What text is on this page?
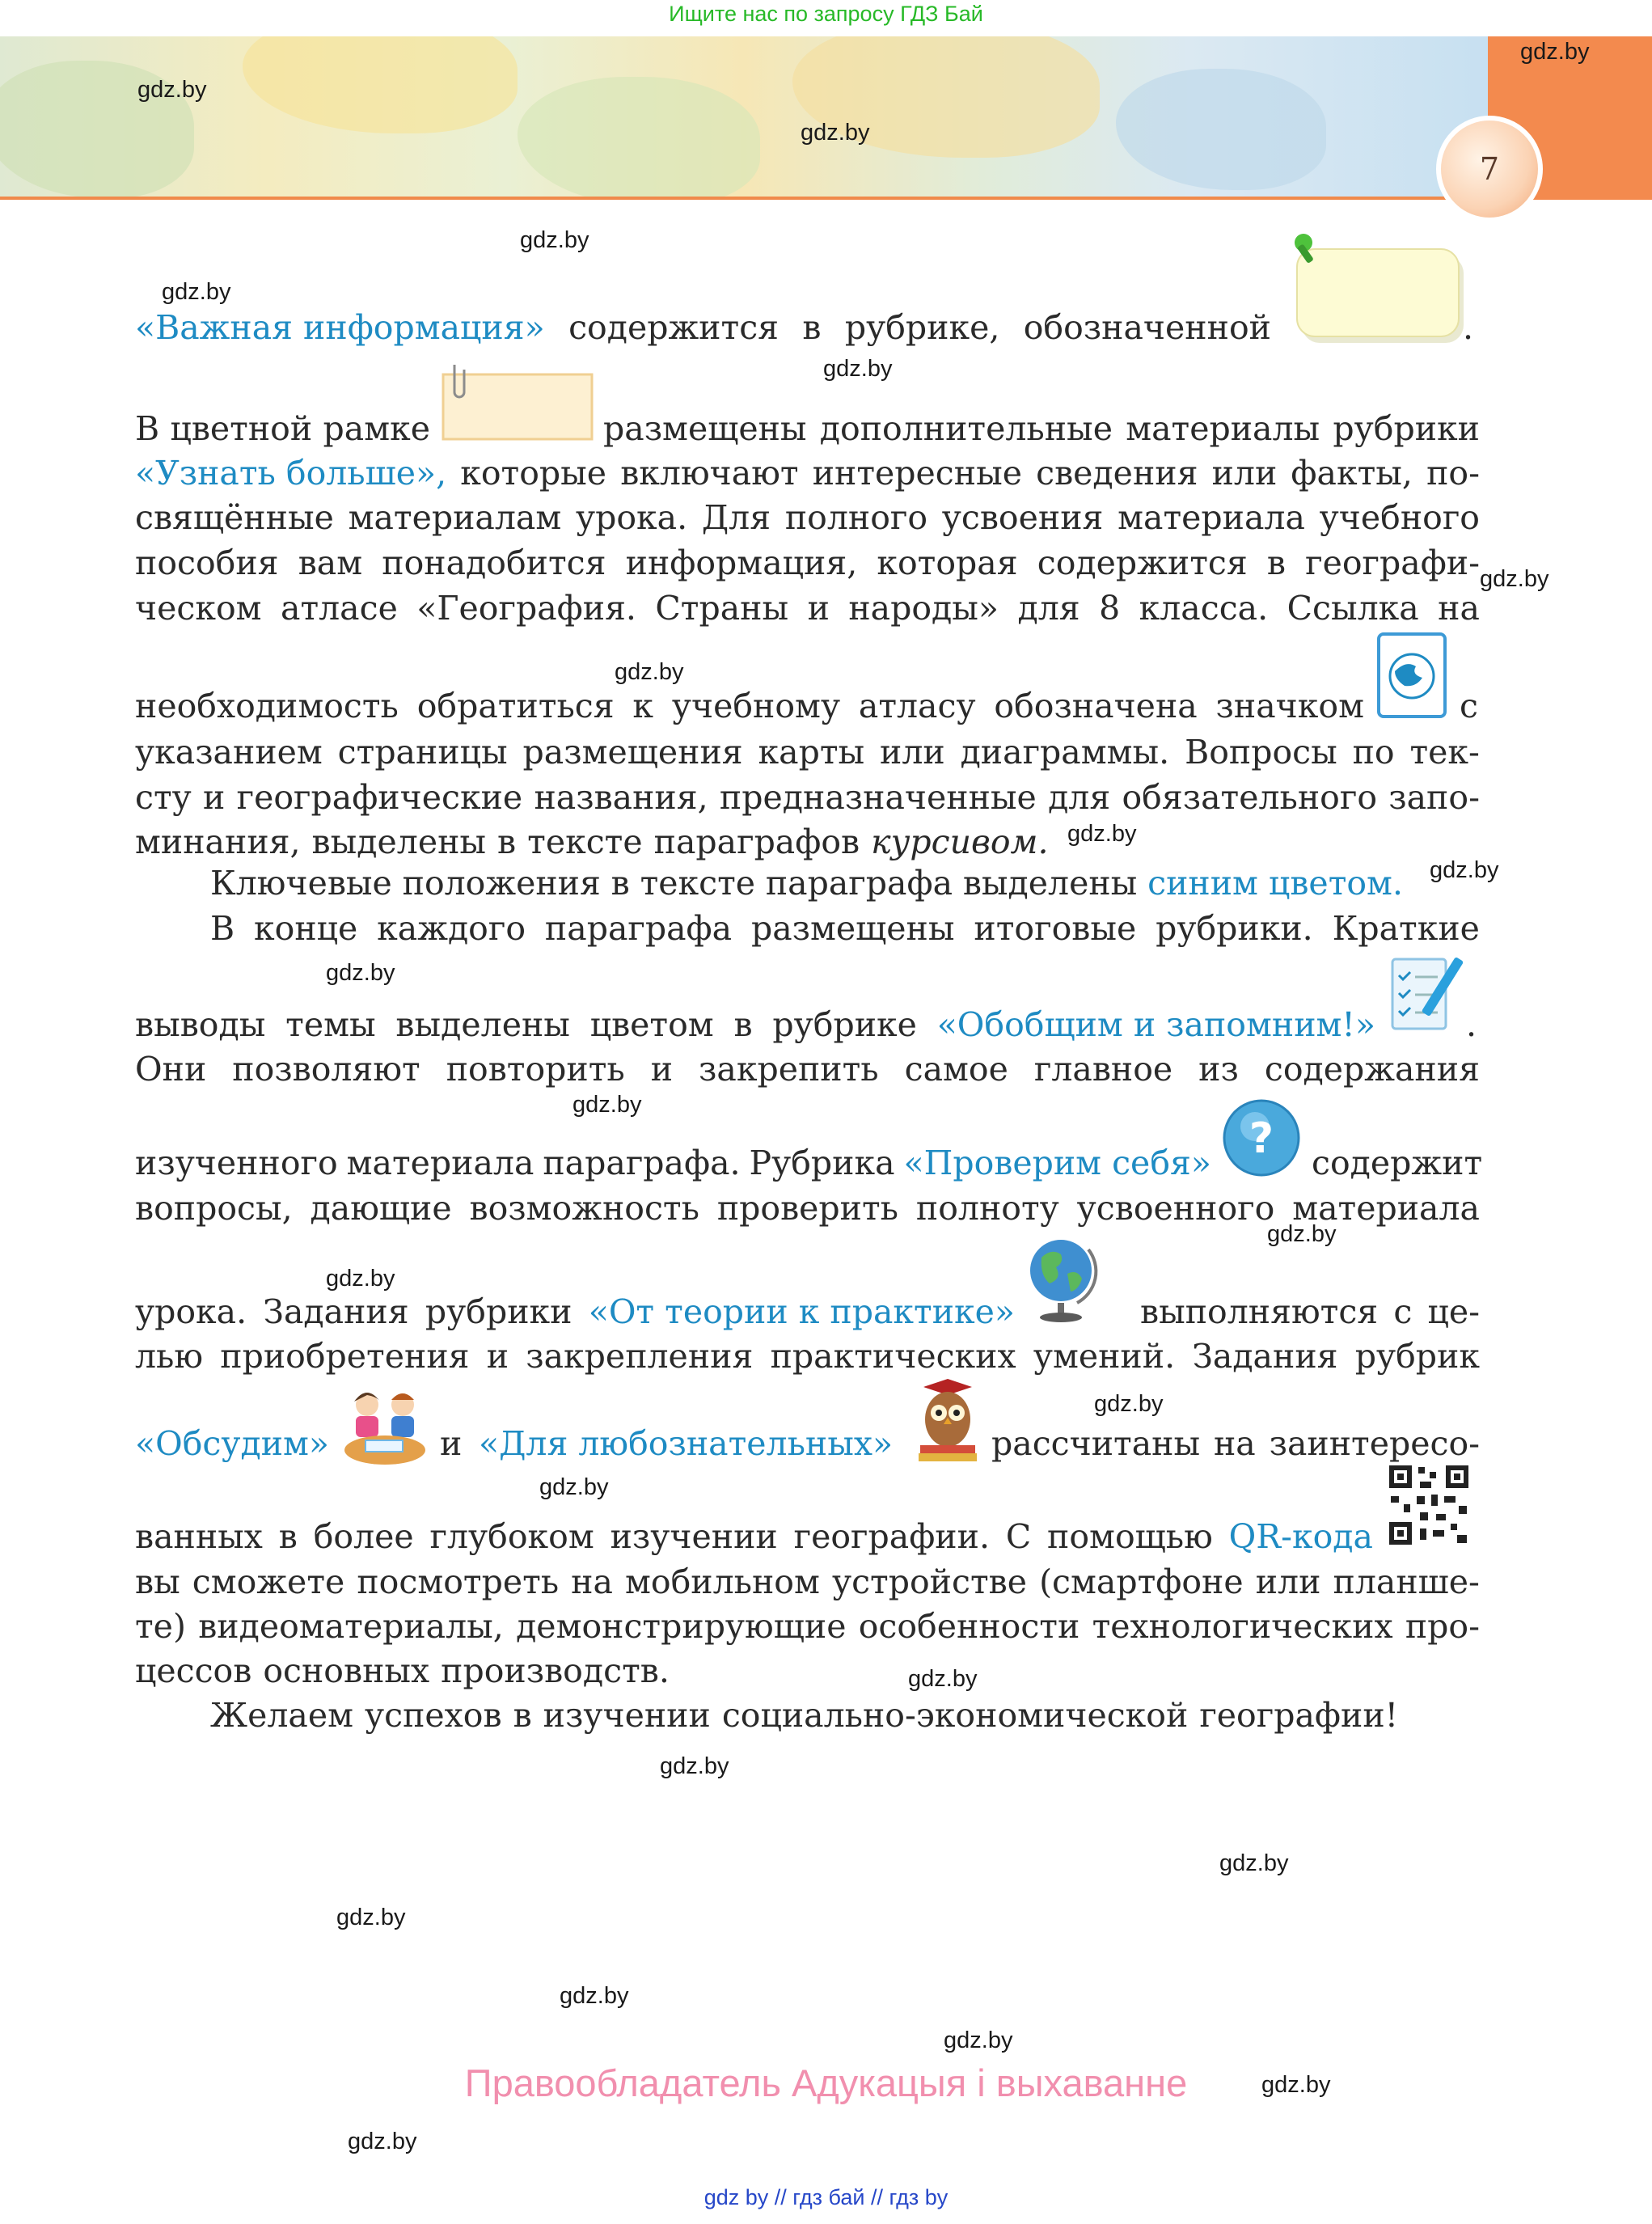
Ищите нас по запросу ГДЗ Бай
7
gdz.by
gdz.by
gdz.by
gdz.by
gdz.by
gdz.by
gdz.by
gdz.by
gdz.by
gdz.by
gdz.by
gdz.by
gdz.by
gdz.by
gdz.by
gdz.by
gdz.by
gdz.by
gdz.by
gdz.by
gdz.by
gdz.by
gdz.by
gdz.by
?
«Важная информация» содержится в рубрике, обозначенной	.
В цветной рамке	размещены дополнительные материалы рубрики
«Узнать больше», которые включают интересные сведения или факты, по-
свящённые материалам урока. Для полного усвоения материала учебного
пособия вам понадобится информация, которая содержится в географи-
ческом атласе «География. Страны и народы» для 8 класса. Ссылка на
необходимость обратиться к учебному атласу обозначена значком	с
указанием страницы размещения карты или диаграммы. Вопросы по тек-
сту и географические названия, предназначенные для обязательного запо-
минания, выделены в тексте параграфов курсивом.
Ключевые положения в тексте параграфа выделены синим цветом.
В конце каждого параграфа размещены итоговые рубрики. Краткие
выводы темы выделены цветом в рубрике «Обобщим и запомним!»	.
Они позволяют повторить и закрепить самое главное из содержания
изученного материала параграфа. Рубрика «Проверим себя»	содержит
вопросы, дающие возможность проверить полноту усвоенного материала
урока. Задания рубрики «От теории к практике»	выполняются с це-
лью приобретения и закрепления практических умений. Задания рубрик
«Обсудим»	и «Для любознательных»	рассчитаны на заинтересо-
ванных в более глубоком изучении географии. С помощью QR-кода
вы сможете посмотреть на мобильном устройстве (смартфоне или планше-
те) видеоматериалы, демонстрирующие особенности технологических про-
цессов основных производств.
Желаем успехов в изучении социально-экономической географии!
Правообладатель Адукацыя і выхаванне
gdz by // гдз бай // гдз by
